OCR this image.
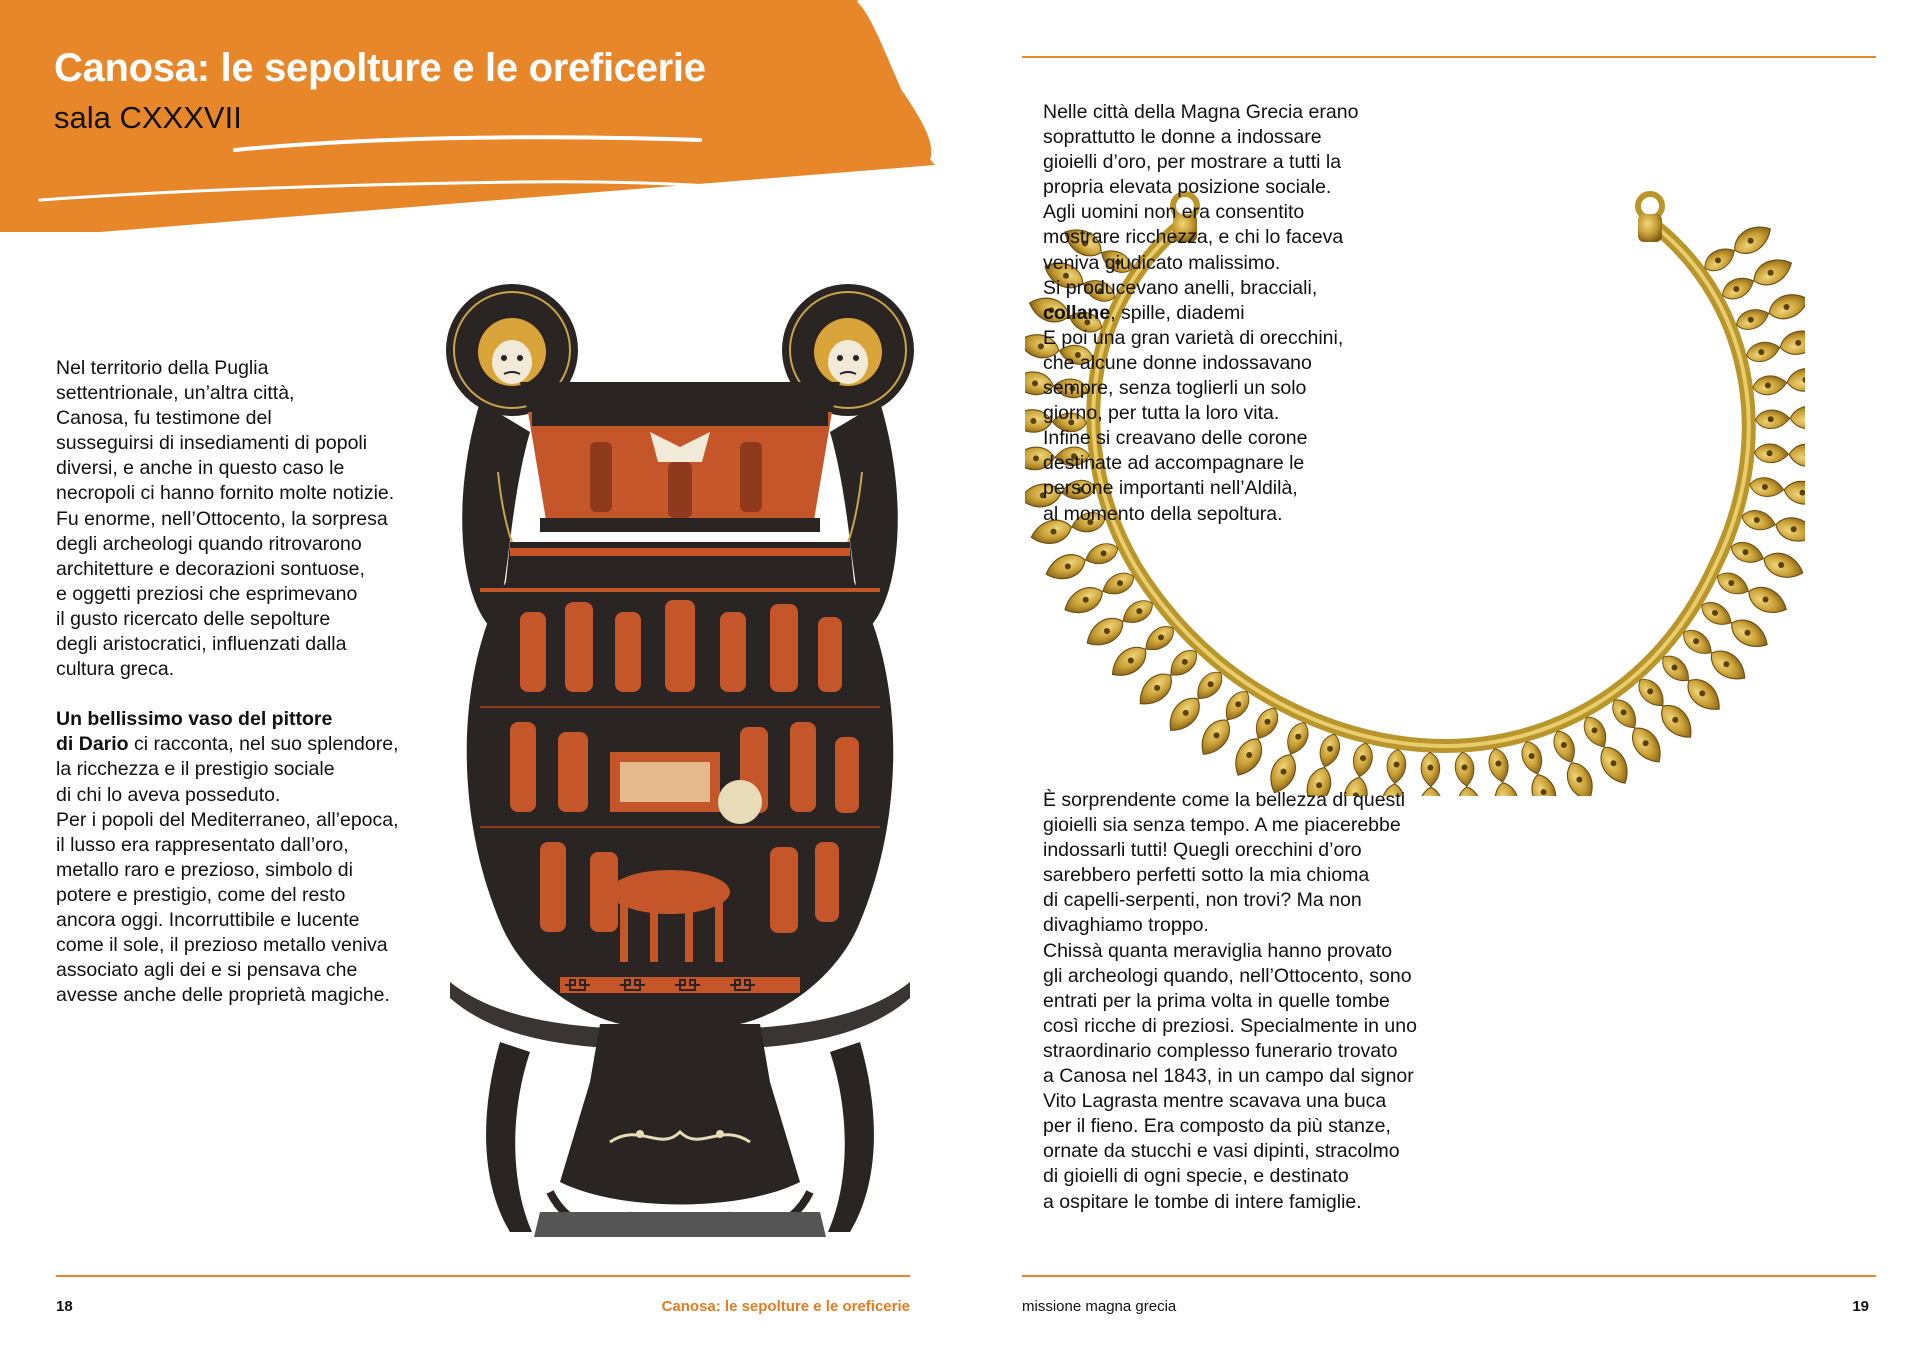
Canosa: le sepolture e le oreficerie
sala CXXXVII

Nel territorio della Puglia

settentrionale, un’altra città,

Canosa, fu testimone del

susseguirsi di insediamenti di popoli

diversi, e anche in questo caso le

necropoli ci hanno fornito molte notizie.

Fu enorme, nell’Ottocento, la sorpresa

degli archeologi quando ritrovarono

architetture e decorazioni sontuose,

e oggetti preziosi che esprimevano

il gusto ricercato delle sepolture

degli aristocratici, influenzati dalla

cultura greca.

Un bellissimo vaso del pittore

di Dario ci racconta, nel suo splendore,

la ricchezza e il prestigio sociale

di chi lo aveva posseduto.

Per i popoli del Mediterraneo, all’epoca,

il lusso era rappresentato dall’oro,

metallo raro e prezioso, simbolo di

potere e prestigio, come del resto

ancora oggi. Incorruttibile e lucente

come il sole, il prezioso metallo veniva

associato agli dei e si pensava che

avesse anche delle proprietà magiche.

18	Canosa: le sepolture e le oreficerie

Nelle città della Magna Grecia erano

soprattutto le donne a indossare

gioielli d’oro, per mostrare a tutti la

propria elevata posizione sociale.

Agli uomini non era consentito

mostrare ricchezza, e chi lo faceva

veniva giudicato malissimo.

Si producevano anelli, bracciali,

collane, spille, diademi

E poi una gran varietà di orecchini,

che alcune donne indossavano

sempre, senza toglierli un solo

giorno, per tutta la loro vita.

Infine si creavano delle corone

destinate ad accompagnare le

persone importanti nell’Aldilà,

al momento della sepoltura.

È sorprendente come la bellezza di questi

gioielli sia senza tempo. A me piacerebbe

indossarli tutti! Quegli orecchini d’oro

sarebbero perfetti sotto la mia chioma

di capelli-serpenti, non trovi? Ma non

divaghiamo troppo.

Chissà quanta meraviglia hanno provato

gli archeologi quando, nell’Ottocento, sono

entrati per la prima volta in quelle tombe

così ricche di preziosi. Specialmente in uno

straordinario complesso funerario trovato

a Canosa nel 1843, in un campo dal signor

Vito Lagrasta mentre scavava una buca

per il fieno. Era composto da più stanze,

ornate da stucchi e vasi dipinti, stracolmo

di gioielli di ogni specie, e destinato

a ospitare le tombe di intere famiglie.

missione magna grecia	19
